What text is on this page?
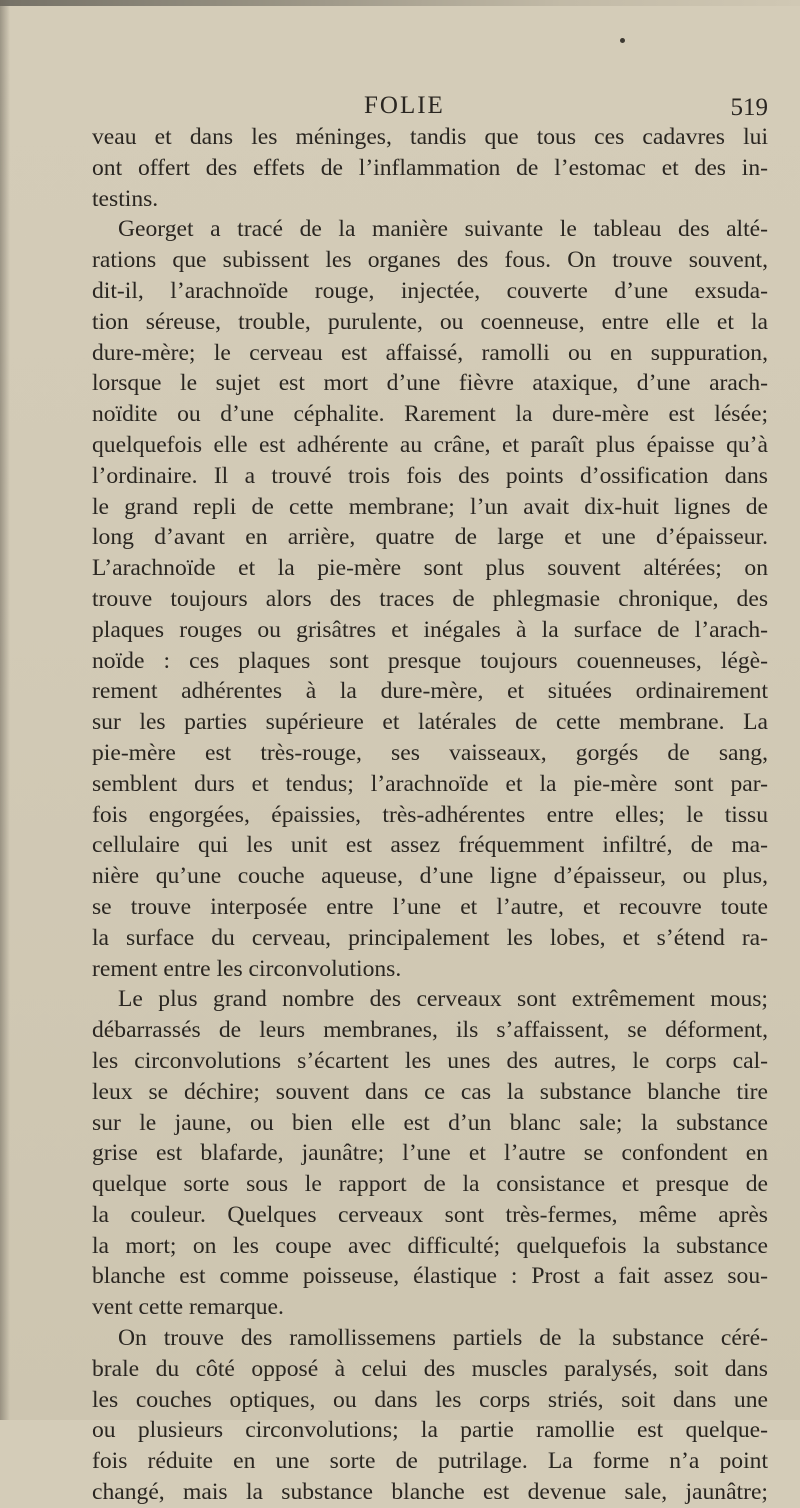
FOLIE	519
veau et dans les méninges, tandis que tous ces cadavres lui
ont offert des effets de l’inflammation de l’estomac et des in-
testins.
Georget a tracé de la manière suivante le tableau des alté-
rations que subissent les organes des fous. On trouve souvent,
dit-il, l’arachnoïde rouge, injectée, couverte d’une exsuda-
tion séreuse, trouble, purulente, ou coenneuse, entre elle et la
dure-mère; le cerveau est affaissé, ramolli ou en suppuration,
lorsque le sujet est mort d’une fièvre ataxique, d’une arach-
noïdite ou d’une céphalite. Rarement la dure-mère est lésée;
quelquefois elle est adhérente au crâne, et paraît plus épaisse qu’à
l’ordinaire. Il a trouvé trois fois des points d’ossification dans
le grand repli de cette membrane; l’un avait dix-huit lignes de
long d’avant en arrière, quatre de large et une d’épaisseur.
L’arachnoïde et la pie-mère sont plus souvent altérées; on
trouve toujours alors des traces de phlegmasie chronique, des
plaques rouges ou grisâtres et inégales à la surface de l’arach-
noïde : ces plaques sont presque toujours couenneuses, légè-
rement adhérentes à la dure-mère, et situées ordinairement
sur les parties supérieure et latérales de cette membrane. La
pie-mère est très-rouge, ses vaisseaux, gorgés de sang,
semblent durs et tendus; l’arachnoïde et la pie-mère sont par-
fois engorgées, épaissies, très-adhérentes entre elles; le tissu
cellulaire qui les unit est assez fréquemment infiltré, de ma-
nière qu’une couche aqueuse, d’une ligne d’épaisseur, ou plus,
se trouve interposée entre l’une et l’autre, et recouvre toute
la surface du cerveau, principalement les lobes, et s’étend ra-
rement entre les circonvolutions.
Le plus grand nombre des cerveaux sont extrêmement mous;
débarrassés de leurs membranes, ils s’affaissent, se déforment,
les circonvolutions s’écartent les unes des autres, le corps cal-
leux se déchire; souvent dans ce cas la substance blanche tire
sur le jaune, ou bien elle est d’un blanc sale; la substance
grise est blafarde, jaunâtre; l’une et l’autre se confondent en
quelque sorte sous le rapport de la consistance et presque de
la couleur. Quelques cerveaux sont très-fermes, même après
la mort; on les coupe avec difficulté; quelquefois la substance
blanche est comme poisseuse, élastique : Prost a fait assez sou-
vent cette remarque.
On trouve des ramollissemens partiels de la substance céré-
brale du côté opposé à celui des muscles paralysés, soit dans
les couches optiques, ou dans les corps striés, soit dans une
ou plusieurs circonvolutions; la partie ramollie est quelque-
fois réduite en une sorte de putrilage. La forme n’a point
changé, mais la substance blanche est devenue sale, jaunâtre;
